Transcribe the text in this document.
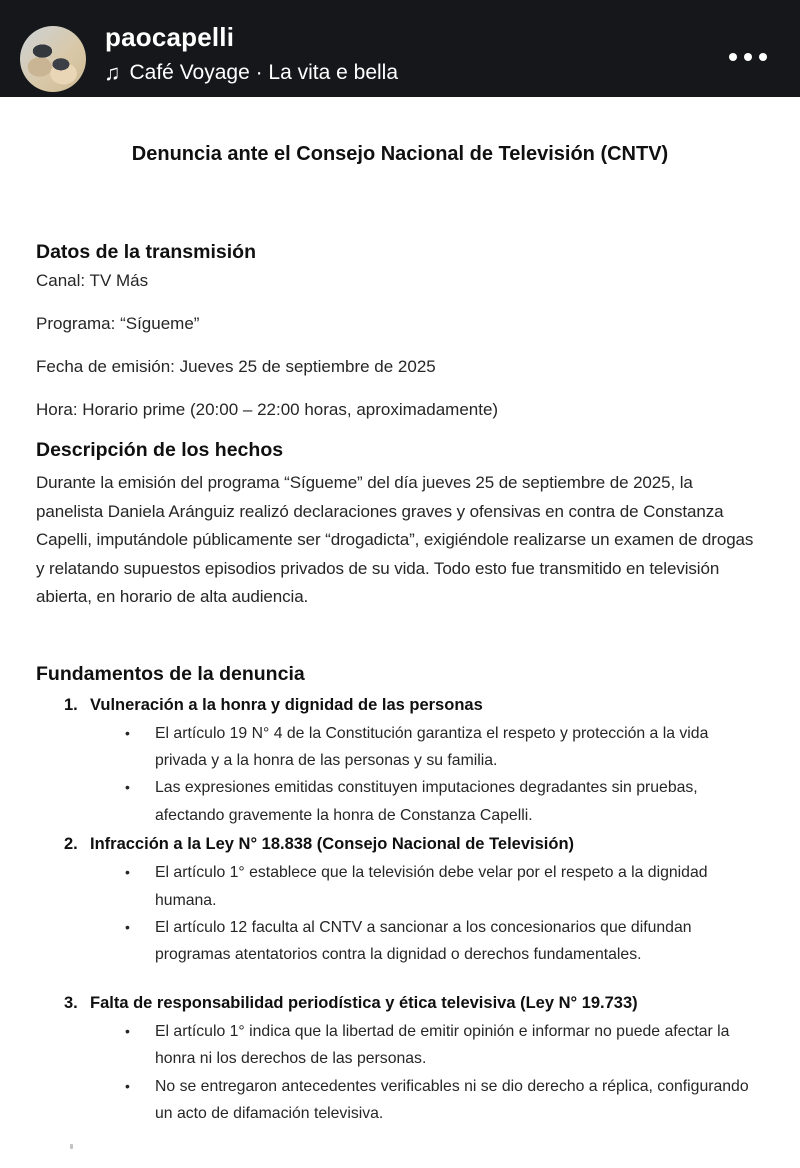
paocapelli
♫ Café Voyage · La vita e bella
Denuncia ante el Consejo Nacional de Televisión (CNTV)
Datos de la transmisión

Canal: TV Más

Programa: “Sígueme”

Fecha de emisión: Jueves 25 de septiembre de 2025

Hora: Horario prime (20:00 – 22:00 horas, aproximadamente)

Descripción de los hechos

Durante la emisión del programa “Sígueme” del día jueves 25 de septiembre de 2025, la panelista Daniela Aránguiz realizó declaraciones graves y ofensivas en contra de Constanza Capelli, imputándole públicamente ser “drogadicta”, exigiéndole realizarse un examen de drogas y relatando supuestos episodios privados de su vida. Todo esto fue transmitido en televisión abierta, en horario de alta audiencia.

Fundamentos de la denuncia
1. Vulneración a la honra y dignidad de las personas
•	El artículo 19 N° 4 de la Constitución garantiza el respeto y protección a la vida privada y a la honra de las personas y su familia.
•	Las expresiones emitidas constituyen imputaciones degradantes sin pruebas, afectando gravemente la honra de Constanza Capelli.
2. Infracción a la Ley N° 18.838 (Consejo Nacional de Televisión)
•	El artículo 1° establece que la televisión debe velar por el respeto a la dignidad humana.
•	El artículo 12 faculta al CNTV a sancionar a los concesionarios que difundan programas atentatorios contra la dignidad o derechos fundamentales.
3. Falta de responsabilidad periodística y ética televisiva (Ley N° 19.733)
•	El artículo 1° indica que la libertad de emitir opinión e informar no puede afectar la honra ni los derechos de las personas.
•	No se entregaron antecedentes verificables ni se dio derecho a réplica, configurando un acto de difamación televisiva.
